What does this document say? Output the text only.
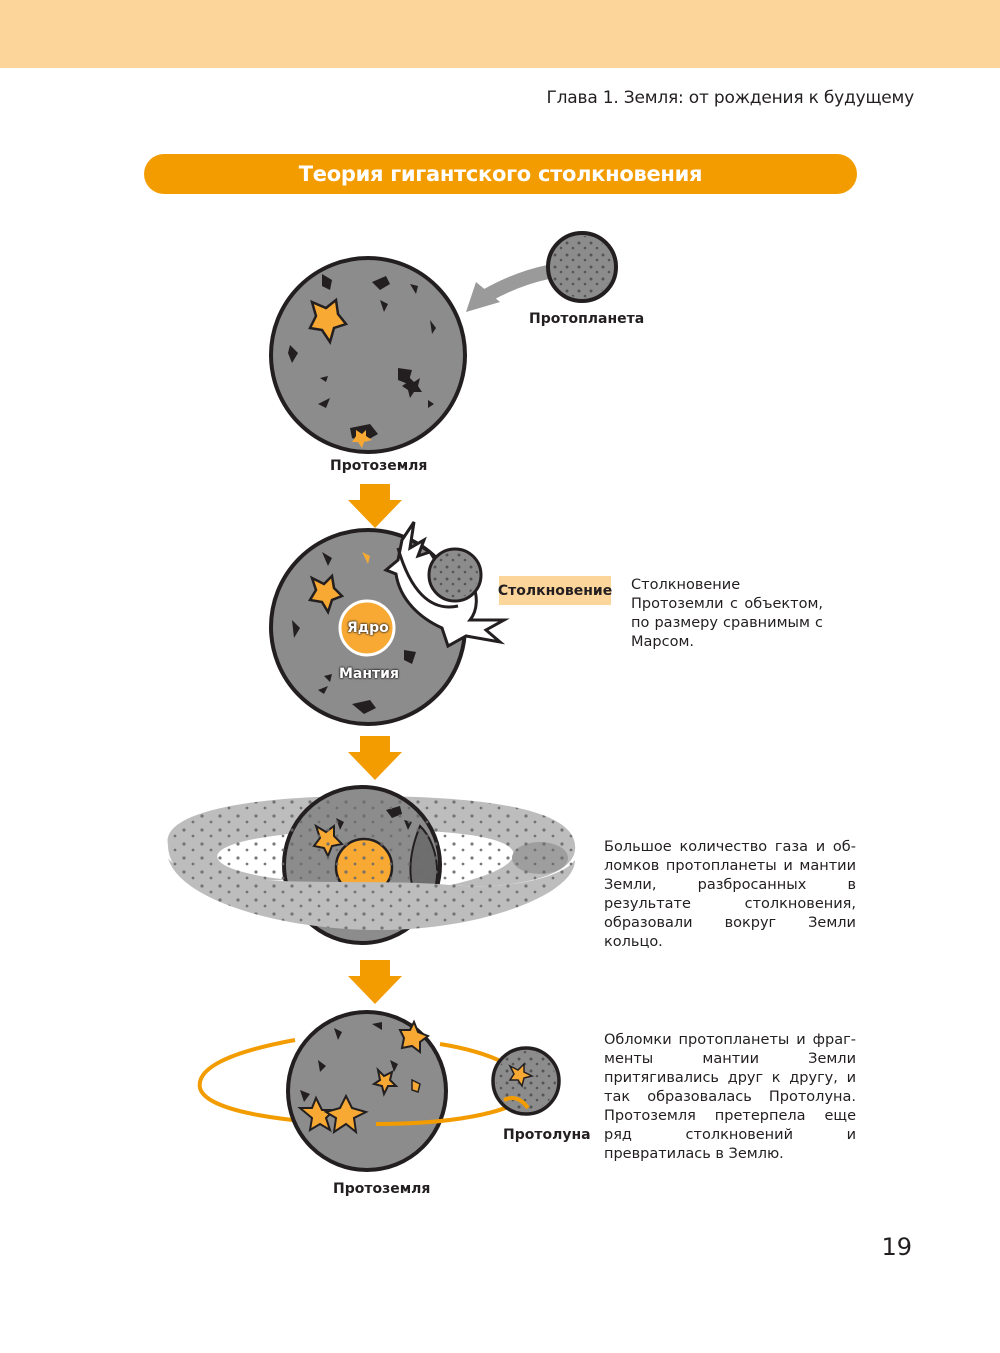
Глава 1. Земля: от рождения к будущему
Теория гигантского столкновения
Протопланета
Протоземля
Ядро
Мантия
Столкновение
Протолуна
Протоземля
Столкновение Протоземли с объектом, по размеру сравнимым с Марсом.
Большое количество газа и обломков протопланеты и мантии Земли, разбросанных в результате столкновения, образовали вокруг Земли кольцо.
Обломки протопланеты и фрагменты мантии Земли притягивались друг к другу, и так образовалась Протолуна. Протоземля претерпела еще ряд столкновений и превратилась в Землю.
19
